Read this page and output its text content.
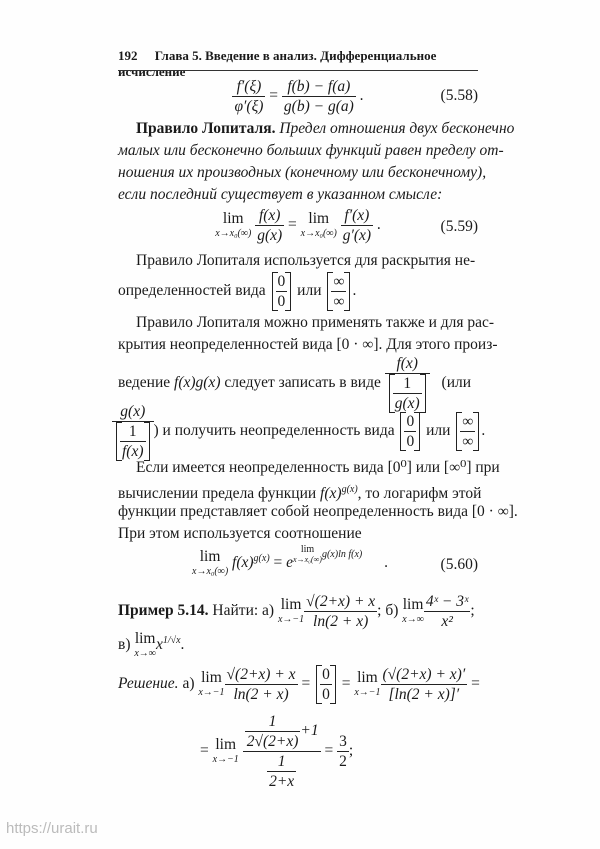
192 Глава 5. Введение в анализ. Дифференциальное исчисление
$\frac{f'(\xi)}{\varphi'(\xi)} = \frac{f(b) - f(a)}{g(b) - g(a)}$ .	(5.58)
Правило Лопиталя. Предел отношения двух бесконечно
малых или бесконечно больших функций равен пределу от-
ношения их производных (конечному или бесконечному),
если последний существует в указанном смысле:
lim
x→x₀(∞)
$\frac{f(x)}{g(x)} = \lim$
x→x₀(∞)
$\frac{f'(x)}{g'(x)}$ .	(5.59)
Правило Лопиталя используется для раскрытия не-
определенностей вида $\frac{0}{0}$ или
∞
∞
.
Правило Лопиталя можно применять также и для рас-
крытия неопределенностей вида [0 · ∞]. Для этого произ-
ведение f(x)g(x) следует записать в виде $\frac{f(x)}{\frac{1}{g(x)}} (или$
$\frac{g(x)}{\frac{1}{f(x)}}$ ) и получить неопределенность вида $\frac{0}{0}$ или
∞
∞
.
Если имеется неопределенность вида [0⁰] или [∞⁰] при
вычислении предела функции $f(x)^{g(x)}$, то логарифм этой
функции представляет собой неопределенность вида [0 · ∞].
При этом используется соотношение
lim
x→x₀(∞) $f(x)^{g(x)} = e$
$^{lim x\to x_0(\infty) g(x)ln f(x)}$ .	(5.60)
Пример 5.14. Найти: а) lim
$x\to-1 \frac{√(2+x) + x}{\ln(2 + x)}$ ; б) lim
$x\to\infty \frac{\text{4ˣ − 3ˣ}}{\text{x²}}$ ;
в) lim
x→∞ $x^{1/√x}$.
Решение. а) lim
$x\to-1 \frac{√(2+x) + x}{\ln(2 + x)} = \frac{0}{0} = \lim$
$x\to-1 \frac{(√(2+x) + x)'}{[\ln(2 + x)]'}$ =
= lim
x→−1
$\frac{\frac{1}{2√(2+x)} +1}{\frac{1}{2+x}} = \frac{3}{2}$ ;
https://urait.ru
